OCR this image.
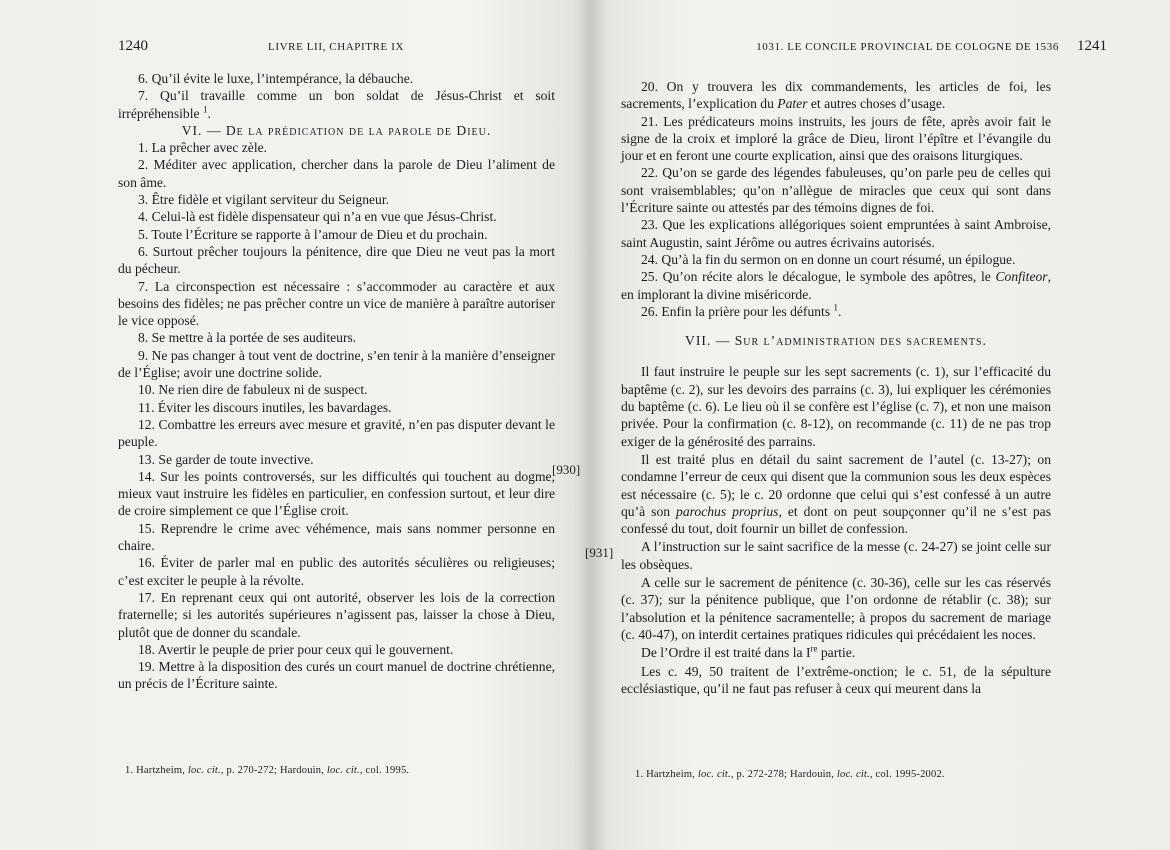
1240	LIVRE LII, CHAPITRE IX

6. Qu’il évite le luxe, l’intempérance, la débauche.

7. Qu’il travaille comme un bon soldat de Jésus-Christ et soit irrépréhensible $^1$.

VI. — De la prédication de la parole de Dieu.

1. La prêcher avec zèle.

2. Méditer avec application, chercher dans la parole de Dieu l’aliment de son âme.

3. Être fidèle et vigilant serviteur du Seigneur.

4. Celui-là est fidèle dispensateur qui n’a en vue que Jésus-Christ.

5. Toute l’Écriture se rapporte à l’amour de Dieu et du prochain.

6. Surtout prêcher toujours la pénitence, dire que Dieu ne veut pas la mort du pécheur.

7. La circonspection est nécessaire : s’accommoder au caractère et aux besoins des fidèles; ne pas prêcher contre un vice de manière à paraître autoriser le vice opposé.

8. Se mettre à la portée de ses auditeurs.

9. Ne pas changer à tout vent de doctrine, s’en tenir à la manière d’enseigner de l’Église; avoir une doctrine solide.

10. Ne rien dire de fabuleux ni de suspect.

11. Éviter les discours inutiles, les bavardages.

12. Combattre les erreurs avec mesure et gravité, n’en pas disputer devant le peuple.

13. Se garder de toute invective.

14. Sur les points controversés, sur les difficultés qui touchent au dogme, mieux vaut instruire les fidèles en particulier, en confession surtout, et leur dire de croire simplement ce que l’Église croit.

15. Reprendre le crime avec véhémence, mais sans nommer personne en chaire.

16. Éviter de parler mal en public des autorités séculières ou religieuses; c’est exciter le peuple à la révolte.

17. En reprenant ceux qui ont autorité, observer les lois de la correction fraternelle; si les autorités supérieures n’agissent pas, laisser la chose à Dieu, plutôt que de donner du scandale.

18. Avertir le peuple de prier pour ceux qui le gouvernent.

19. Mettre à la disposition des curés un court manuel de doctrine chrétienne, un précis de l’Écriture sainte.

[930]
1. Hartzheim, loc. cit., p. 270-272; Hardouin, loc. cit., col. 1995.
1031. LE CONCILE PROVINCIAL DE COLOGNE DE 1536 1241

20. On y trouvera les dix commandements, les articles de foi, les sacrements, l’explication du Pater et autres choses d’usage.

21. Les prédicateurs moins instruits, les jours de fête, après avoir fait le signe de la croix et imploré la grâce de Dieu, liront l’épître et l’évangile du jour et en feront une courte explication, ainsi que des oraisons liturgiques.

22. Qu’on se garde des légendes fabuleuses, qu’on parle peu de celles qui sont vraisemblables; qu’on n’allègue de miracles que ceux qui sont dans l’Écriture sainte ou attestés par des témoins dignes de foi.

23. Que les explications allégoriques soient empruntées à saint Ambroise, saint Augustin, saint Jérôme ou autres écrivains autorisés.

24. Qu’à la fin du sermon on en donne un court résumé, un épilogue.

25. Qu’on récite alors le décalogue, le symbole des apôtres, le Confiteor, en implorant la divine miséricorde.

26. Enfin la prière pour les défunts $^1$.

VII. — Sur l’administration des sacrements.

Il faut instruire le peuple sur les sept sacrements (c. 1), sur l’efficacité du baptême (c. 2), sur les devoirs des parrains (c. 3), lui expliquer les cérémonies du baptême (c. 6). Le lieu où il se confère est l’église (c. 7), et non une maison privée. Pour la confirmation (c. 8-12), on recommande (c. 11) de ne pas trop exiger de la générosité des parrains.

Il est traité plus en détail du saint sacrement de l’autel (c. 13-27); on condamne l’erreur de ceux qui disent que la communion sous les deux espèces est nécessaire (c. 5); le c. 20 ordonne que celui qui s’est confessé à un autre qu’à son parochus proprius, et dont on peut soupçonner qu’il ne s’est pas confessé du tout, doit fournir un billet de confession.

A l’instruction sur le saint sacrifice de la messe (c. 24-27) se joint celle sur les obsèques.

A celle sur le sacrement de pénitence (c. 30-36), celle sur les cas réservés (c. 37); sur la pénitence publique, que l’on ordonne de rétablir (c. 38); sur l’absolution et la pénitence sacramentelle; à propos du sacrement de mariage (c. 40-47), on interdit certaines pratiques ridicules qui précédaient les noces.

De l’Ordre il est traité dans la Ire partie.

Les c. 49, 50 traitent de l’extrême-onction; le c. 51, de la sépulture ecclésiastique, qu’il ne faut pas refuser à ceux qui meurent dans la

[931]
1. Hartzheim, loc. cit., p. 272-278; Hardouin, loc. cit., col. 1995-2002.
